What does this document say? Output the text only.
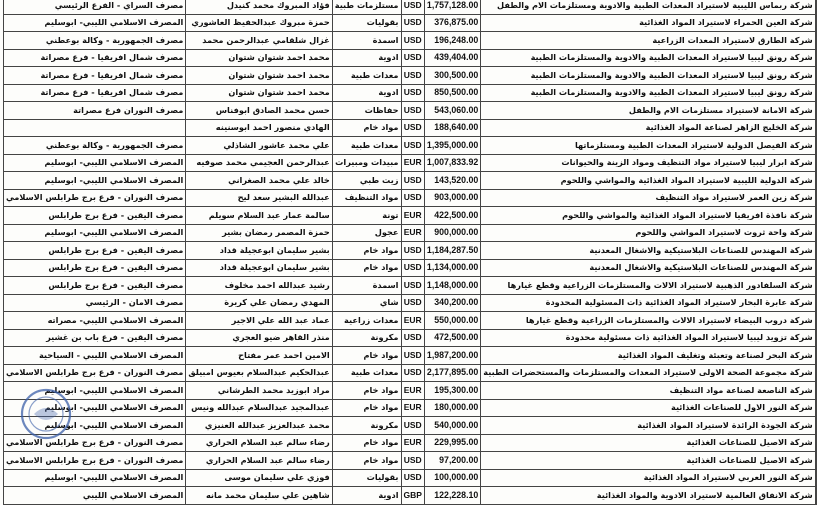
مصرف السراي - الفرع الرئيسي	فؤاد المبروك محمد كنيدل	مستلزمات طبية	USD	1,757,128.00	شركة ربماس الليبية لاستيراد المعدات الطبية والادوية ومستلزمات الام والطفل	
المصرف الاسلامي الليبي- ابوسليم	حمزة مبروك عبدالحفيظ العاشوري	بقوليات	USD	376,875.00	شركة العين الحمراء لاستيراد المواد الغذائية	
مصرف الجمهورية - وكالة بوعطني	غزال شلقامي عبدالرحمن محمد	اسمدة	USD	196,248.00	شركة الطارق لاستيراد المعدات الزراعية	
مصرف شمال افريقيا - فرع مصراتة	محمد احمد شتوان شتوان	ادوية	USD	439,404.00	شركة رونق ليبيا لاستيراد المعدات الطبية والادوية والمستلزمات الطبية	
مصرف شمال افريقيا - فرع مصراتة	محمد احمد شتوان شتوان	معدات طبية	USD	300,500.00	شركة رونق ليبيا لاستيراد المعدات الطبية والادوية والمستلزمات الطبية	
مصرف شمال افريقيا - فرع مصراتة	محمد احمد شتوان شتوان	ادوية	USD	850,500.00	شركة رونق ليبيا لاستيراد المعدات الطبية والادوية والمستلزمات الطبية	
مصرف النوران فرع مصراتة	حسن محمد الصادق ابوفناس	حفاظات	USD	543,060.00	شركة الامانة لاستيراد مستلزمات الام والطفل	
	الهادي منصور احمد ابوسنينه	مواد خام	USD	188,640.00	شركة الخليج الزاهر لصناعة المواد الغذائية	
مصرف الجمهورية - وكالة بوعطني	علي محمد عاشور الشاذلي	معدات طبية	USD	1,395,000.00	شركة الفيصل الدولية لاستيراد المعدات الطبية ومستلزماتها	
المصرف الاسلامي الليبي- ابوسليم	عبدالرحمن العجيمي محمد صوفيه	مبيدات ومبيرات	EUR	1,007,833.92	شركة ابرار ليبيا لاستيراد مواد التنظيف ومواد الزينة والحيوانات	
المصرف الاسلامي الليبي- ابوسليم	خالد علي محمد الصغراني	زيت طبي	USD	143,520.00	شركة الدولية الليبية لاستيراد المواد الغذائية والمواشي واللحوم	
مصرف النوران - فرع برج طرابلس الاسلامي	عبدالله البشير سعد ليح	مواد التنظيف	USD	903,000.00	شركة زين العمر لاستيراد مواد التنظيف	
مصرف اليقين - فرع برج طرابلس	سالمة عمار عبد السلام سويلم	تونة	EUR	422,500.00	شركة نافذة افريقيا لاستيراد المواد الغذائية والمواشي واللحوم	
المصرف الاسلامي الليبي- ابوسليم	حمزة المصمر رمضان بشير	عجول	EUR	900,000.00	شركة واحة ثروت لاستيراد المواشي واللحوم	
مصرف اليقين - فرع برج طرابلس	بشير سليمان ابوعجيلة قداد	مواد خام	USD	1,184,287.50	شركة المهندس للصناعات البلاستيكية والاشغال المعدنية	
مصرف اليقين - فرع برج طرابلس	بشير سليمان ابوعجيلة قداد	مواد خام	USD	1,134,000.00	شركة المهندس للصناعات البلاستيكية والاشغال المعدنية	
مصرف اليقين - فرع برج طرابلس	رشيد عبدالله احمد مخلوف	اسمدة	USD	1,148,000.00	شركة السلفادور الذهبية لاستيراد الالات والمستلزمات الزراعية وقطع غيارها	
مصرف الامان - الرئيسي	المهدي رمضان علي كريرة	شاي	USD	340,200.00	شركة عابرة البحار لاستيراد المواد الغذائية ذات المسئولية المحدودة	
المصرف الاسلامي الليبي- مصراته	عماد عبد الله علي الاجير	معدات زراعية	EUR	550,000.00	شركة دروب البيضاء لاستيراد الالات والمستلزمات الزراعية وقطع غيارها	
مصرف اليقين - فرع باب بن غشير	منذر القاهر ضيو العجري	مكرونة	USD	472,500.00	شركة تزويد ليبيا لاستيراد المواد الغذائية ذات مسئولية محدودة	
المصرف الاسلامي الليبي - السياحية	الامين احمد عمر مفتاح	مواد خام	USD	1,987,200.00	شركة البحر لصناعة وتعبئة وتغليف المواد الغذائية	
مصرف النوران - فرع برج طرابلس الاسلامي	عبدالحكيم عبدالسلام بعيوس امبيلق	معدات طبية	USD	2,177,895.00	شركة مجموعة الصحة الاولى لاستيراد المعدات والمستلزمات والمستحضرات الطبية	
المصرف الاسلامي الليبي- ابوسليم	مراد ابوزيد محمد الطرشاني	مواد خام	EUR	195,300.00	شركة الناصعة لصناعة مواد التنظيف	
المصرف الاسلامي الليبي- ابوسليم	عبدالمجيد عبدالسلام عبدالله ونيس	مواد خام	EUR	180,000.00	شركة النور الاول للصناعات الغذائية	
المصرف الاسلامي الليبي- ابوسليم	محمد عبدالعزيز عبدالله العنيزي	مكرونة	USD	540,000.00	شركة الجودة الرائدة لاستيراد المواد الغذائية	
مصرف النوران - فرع برج طرابلس الاسلامي	رضاء سالم عبد السلام الحراري	مواد خام	EUR	229,995.00	شركة الاصيل للصناعات الغذائية	
مصرف النوران - فرع برج طرابلس الاسلامي	رضاء سالم عبد السلام الحراري	مواد خام	USD	97,200.00	شركة الاصيل للصناعات الغذائية	
المصرف الاسلامي الليبي- ابوسليم	فوزي علي سليمان موسى	بقوليات	USD	100,000.00	شركة النور العربي لاستيراد المواد الغذائية	
المصرف الاسلامي الليبي	شاهين علي سليمان محمد مانه	ادوية	GBP	122,228.10	شركة الانفاق العالمية لاستيراد الادوية والمواد الغذائية	
